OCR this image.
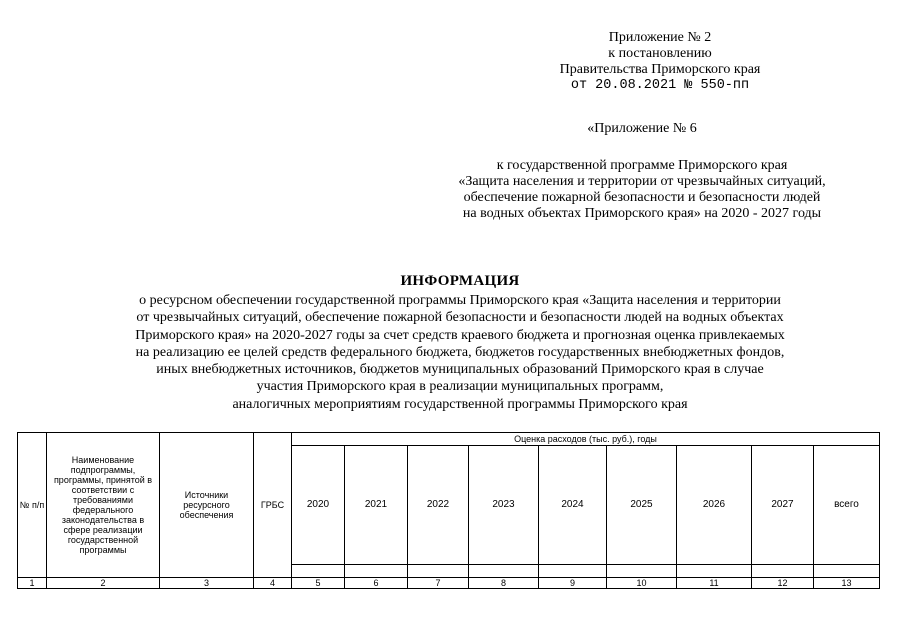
Приложение № 2
к постановлению
Правительства Приморского края
от 20.08.2021 № 550-пп
«Приложение № 6
к государственной программе Приморского края
«Защита населения и территории от чрезвычайных ситуаций,
обеспечение пожарной безопасности и безопасности людей
на водных объектах Приморского края» на 2020 - 2027 годы
ИНФОРМАЦИЯ
о ресурсном обеспечении государственной программы Приморского края «Защита населения и территории
от чрезвычайных ситуаций, обеспечение пожарной безопасности и безопасности людей на водных объектах
Приморского края» на 2020-2027 годы за счет средств краевого бюджета и прогнозная оценка привлекаемых
на реализацию ее целей средств федерального бюджета, бюджетов государственных внебюджетных фондов,
иных внебюджетных источников, бюджетов муниципальных образований Приморского края в случае
участия Приморского края в реализации муниципальных программ,
аналогичных мероприятиям государственной программы Приморского края
№ п/п	Наименование подпрограммы, программы, принятой в соответствии с требованиями федерального законодательства в сфере реализации государственной программы	Источники ресурсного обеспечения	ГРБС	Оценка расходов (тыс. руб.), годы								
				2020	2021	2022	2023	2024	2025	2026	2027	всего

1	2	3	4	5	6	7	8	9	10	11	12	13
